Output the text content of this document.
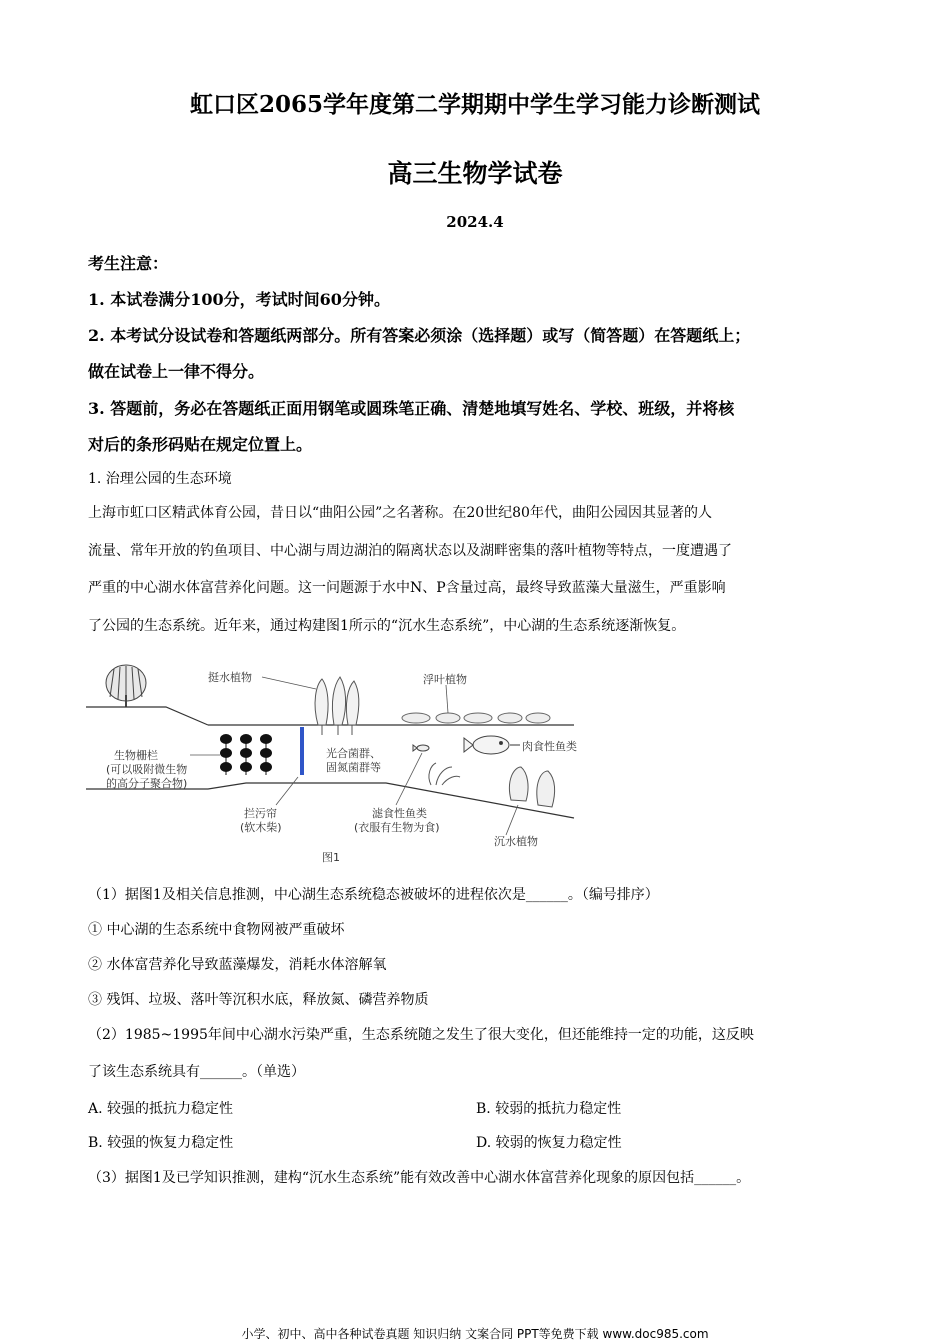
虹口区2065学年度第二学期期中学生学习能力诊断测试
高三生物学试卷
2024.4
考生注意：
1. 本试卷满分100分，考试时间60分钟。
2. 本考试分设试卷和答题纸两部分。所有答案必须涂（选择题）或写（简答题）在答题纸上；
做在试卷上一律不得分。
3. 答题前，务必在答题纸正面用钢笔或圆珠笔正确、清楚地填写姓名、学校、班级，并将核
对后的条形码贴在规定位置上。
1. 治理公园的生态环境
上海市虹口区精武体育公园，昔日以“曲阳公园”之名著称。在20世纪80年代，曲阳公园因其显著的人
流量、常年开放的钓鱼项目、中心湖与周边湖泊的隔离状态以及湖畔密集的落叶植物等特点，一度遭遇了
严重的中心湖水体富营养化问题。这一问题源于水中N、P含量过高，最终导致蓝藻大量滋生，严重影响
了公园的生态系统。近年来，通过构建图1所示的“沉水生态系统”，中心湖的生态系统逐渐恢复。
挺水植物	浮叶植物
生物栅栏
(可以吸附微生物
的高分子聚合物)
光合菌群、
固氮菌群等
肉食性鱼类
拦污帘
(软木柴)
滤食性鱼类
(衣服有生物为食)
沉水植物
图1
（1）据图1及相关信息推测，中心湖生态系统稳态被破坏的进程依次是______。（编号排序）
① 中心湖的生态系统中食物网被严重破坏
② 水体富营养化导致蓝藻爆发，消耗水体溶解氧
③ 残饵、垃圾、落叶等沉积水底，释放氮、磷营养物质
（2）1985~1995年间中心湖水污染严重，生态系统随之发生了很大变化，但还能维持一定的功能，这反映
了该生态系统具有______。（单选）
A. 较强的抵抗力稳定性	B. 较弱的抵抗力稳定性
B. 较强的恢复力稳定性	D. 较弱的恢复力稳定性
（3）据图1及已学知识推测，建构“沉水生态系统”能有效改善中心湖水体富营养化现象的原因包括______。
小学、初中、高中各种试卷真题 知识归纳 文案合同 PPT等免费下载 www.doc985.com
